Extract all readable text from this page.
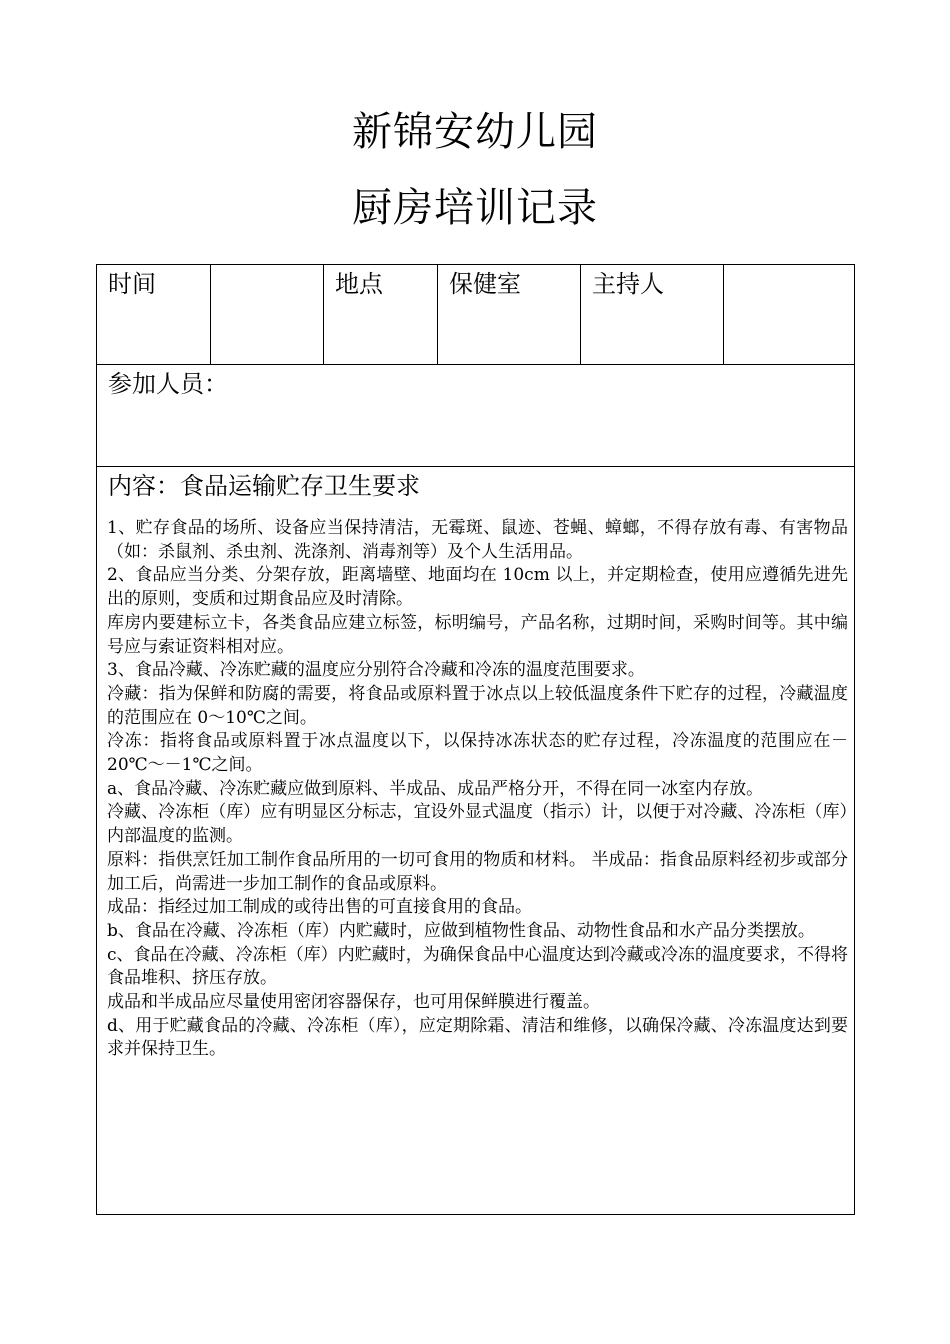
新锦安幼儿园
厨房培训记录
时间		地点	保健室	主持人

参加人员：

内容：食品运输贮存卫生要求

1、贮存食品的场所、设备应当保持清洁，无霉斑、鼠迹、苍蝇、蟑螂，不得存放有毒、有害物品（如：杀鼠剂、杀虫剂、洗涤剂、消毒剂等）及个人生活用品。

2、食品应当分类、分架存放，距离墙壁、地面均在 10cm 以上，并定期检查，使用应遵循先进先出的原则，变质和过期食品应及时清除。

库房内要建标立卡，各类食品应建立标签，标明编号，产品名称，过期时间，采购时间等。其中编号应与索证资料相对应。

3、食品冷藏、冷冻贮藏的温度应分别符合冷藏和冷冻的温度范围要求。

冷藏：指为保鲜和防腐的需要，将食品或原料置于冰点以上较低温度条件下贮存的过程，冷藏温度的范围应在 0～10℃之间。

冷冻：指将食品或原料置于冰点温度以下，以保持冰冻状态的贮存过程，冷冻温度的范围应在－20℃～－1℃之间。

a、食品冷藏、冷冻贮藏应做到原料、半成品、成品严格分开，不得在同一冰室内存放。

冷藏、冷冻柜（库）应有明显区分标志，宜设外显式温度（指示）计，以便于对冷藏、冷冻柜（库）内部温度的监测。

原料：指供烹饪加工制作食品所用的一切可食用的物质和材料。 半成品：指食品原料经初步或部分加工后，尚需进一步加工制作的食品或原料。

成品：指经过加工制成的或待出售的可直接食用的食品。

b、食品在冷藏、冷冻柜（库）内贮藏时，应做到植物性食品、动物性食品和水产品分类摆放。

c、食品在冷藏、冷冻柜（库）内贮藏时，为确保食品中心温度达到冷藏或冷冻的温度要求，不得将食品堆积、挤压存放。

成品和半成品应尽量使用密闭容器保存，也可用保鲜膜进行覆盖。

d、用于贮藏食品的冷藏、冷冻柜（库），应定期除霜、清洁和维修，以确保冷藏、冷冻温度达到要求并保持卫生。
